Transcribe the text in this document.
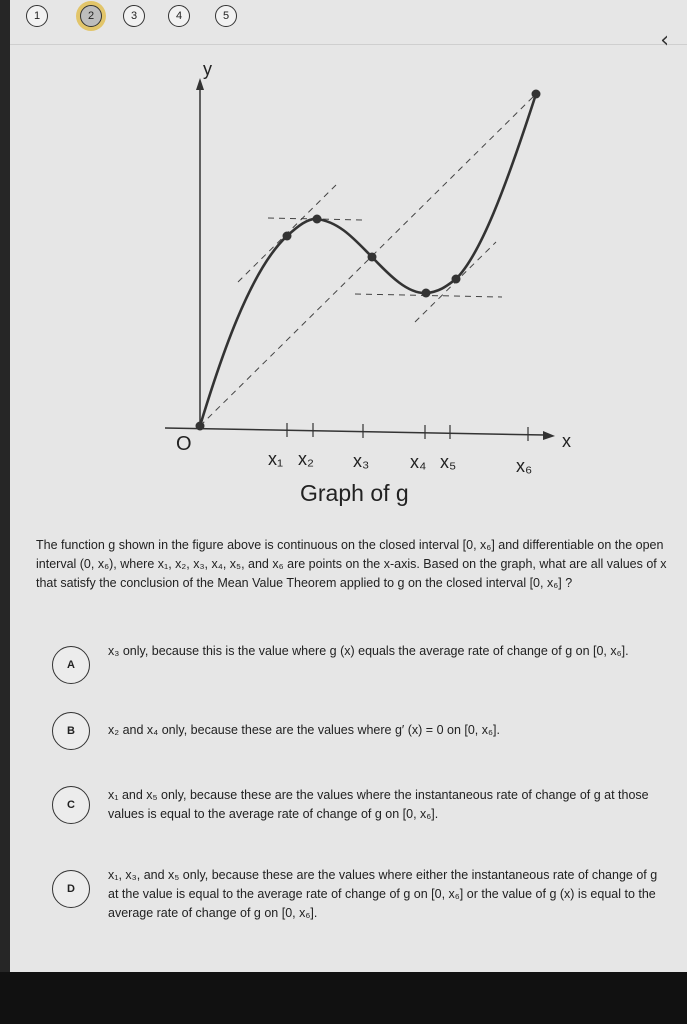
1	2	3	4	5
‹
y
x
O
x₁ x₂ x₃ x₄ x₅	x₆
Graph of g
The function g shown in the figure above is continuous on the closed interval [0, x₆] and differentiable on the open interval (0, x₆), where x₁, x₂, x₃, x₄, x₅, and x₆ are points on the x-axis. Based on the graph, what are all values of x that satisfy the conclusion of the Mean Value Theorem applied to g on the closed interval [0, x₆] ?
A
x₃ only, because this is the value where g (x) equals the average rate of change of g on [0, x₆].
B	x₂ and x₄ only, because these are the values where g′ (x) = 0 on [0, x₆].
C
x₁ and x₅ only, because these are the values where the instantaneous rate of change of g at those values is equal to the average rate of change of g on [0, x₆].
D
x₁, x₃, and x₅ only, because these are the values where either the instantaneous rate of change of g at the value is equal to the average rate of change of g on [0, x₆] or the value of g (x) is equal to the average rate of change of g on [0, x₆].
